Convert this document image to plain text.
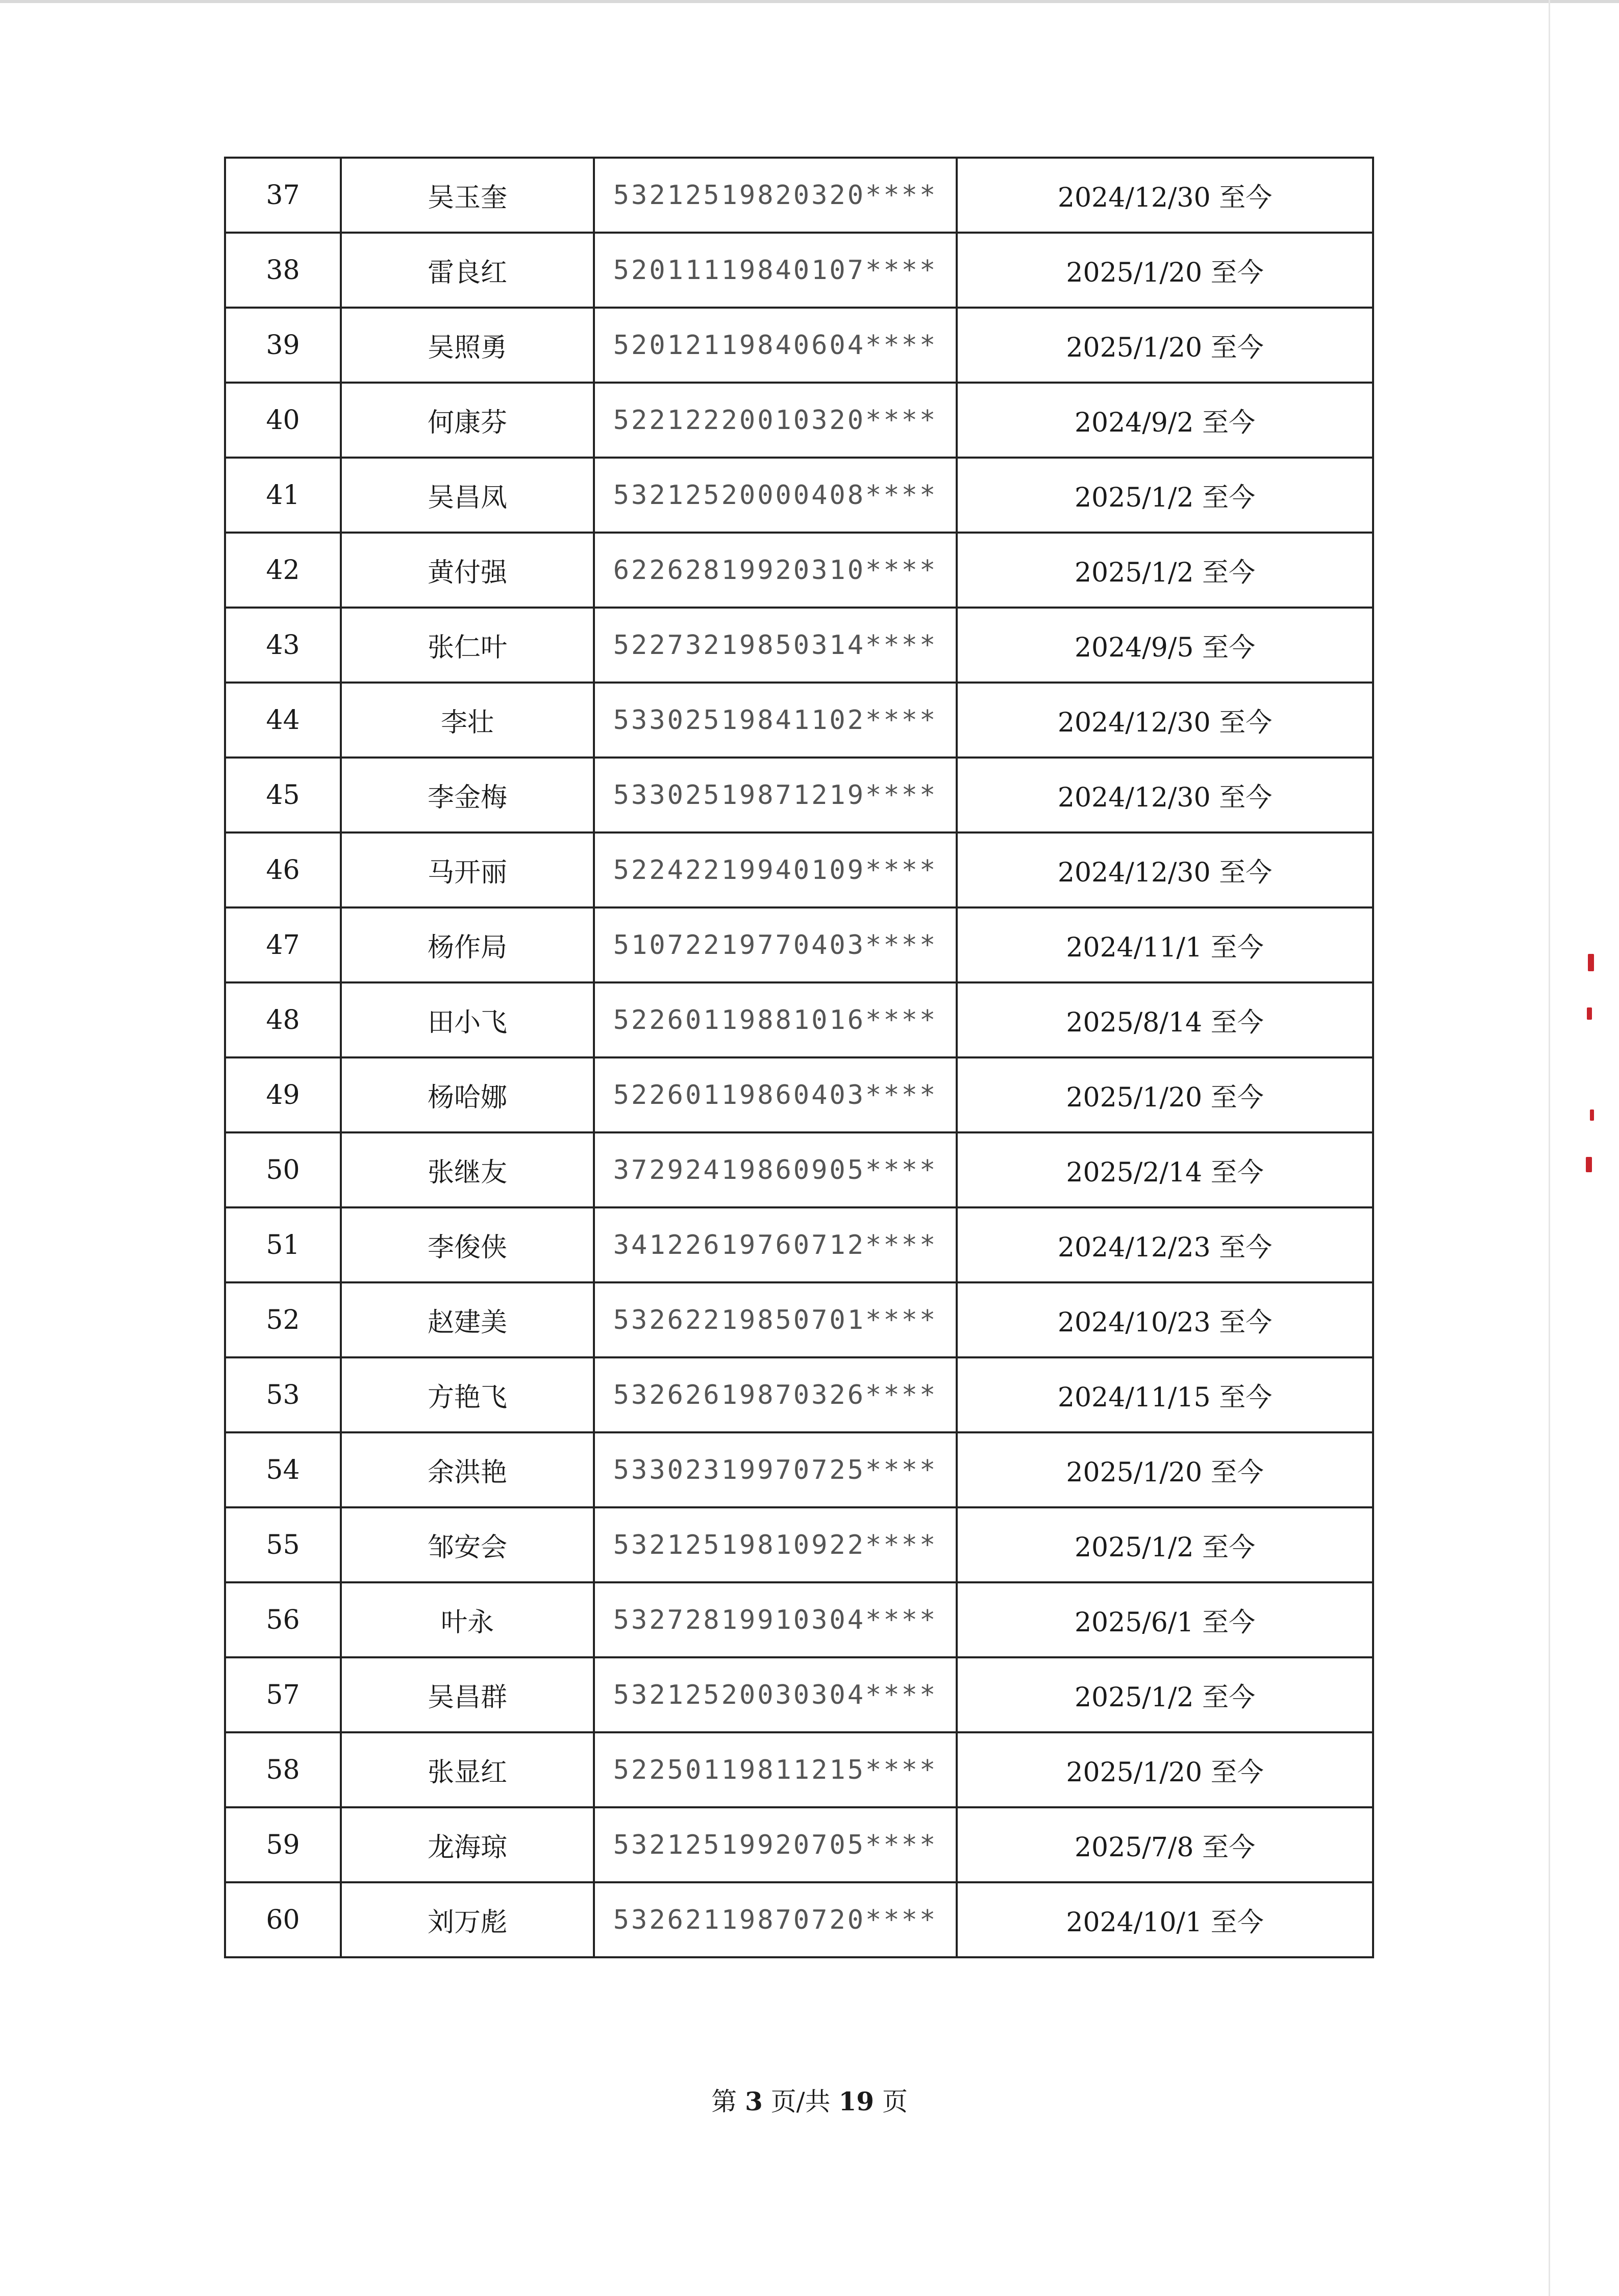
37	吴玉奎	53212519820320****	2024/12/30 至今
38	雷良红	52011119840107****	2025/1/20 至今
39	吴照勇	52012119840604****	2025/1/20 至今
40	何康芬	52212220010320****	2024/9/2 至今
41	吴昌凤	53212520000408****	2025/1/2 至今
42	黄付强	62262819920310****	2025/1/2 至今
43	张仁叶	52273219850314****	2024/9/5 至今
44	李壮	53302519841102****	2024/12/30 至今
45	李金梅	53302519871219****	2024/12/30 至今
46	马开丽	52242219940109****	2024/12/30 至今
47	杨作局	51072219770403****	2024/11/1 至今
48	田小飞	52260119881016****	2025/8/14 至今
49	杨哈娜	52260119860403****	2025/1/20 至今
50	张继友	37292419860905****	2025/2/14 至今
51	李俊侠	34122619760712****	2024/12/23 至今
52	赵建美	53262219850701****	2024/10/23 至今
53	方艳飞	53262619870326****	2024/11/15 至今
54	余洪艳	53302319970725****	2025/1/20 至今
55	邹安会	53212519810922****	2025/1/2 至今
56	叶永	53272819910304****	2025/6/1 至今
57	吴昌群	53212520030304****	2025/1/2 至今
58	张显红	52250119811215****	2025/1/20 至今
59	龙海琼	53212519920705****	2025/7/8 至今
60	刘万彪	53262119870720****	2024/10/1 至今
第 3 页/共 19 页
